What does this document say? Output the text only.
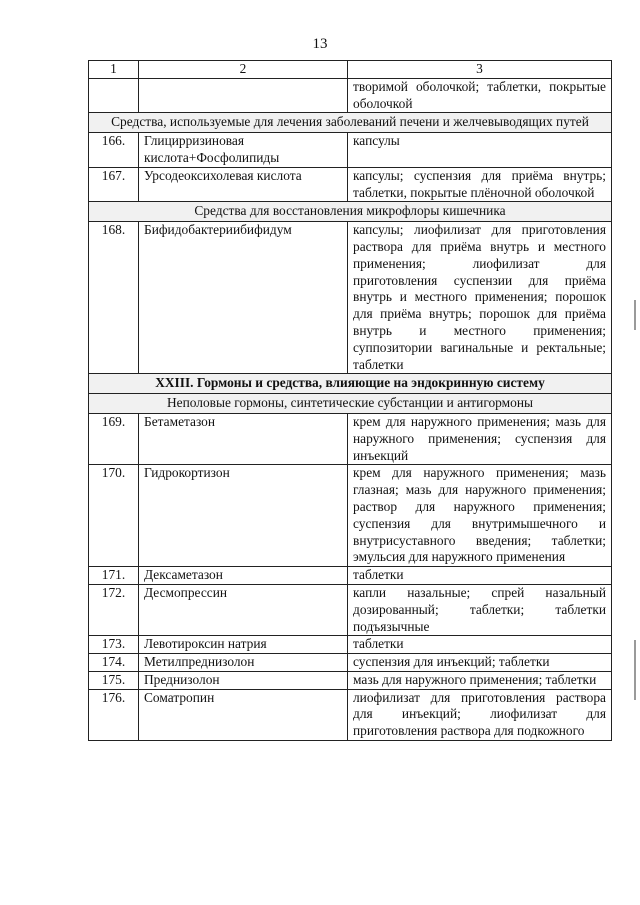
13
1	2	3
		творимой оболочкой; таблетки, покрытые оболочкой
Средства, используемые для лечения заболеваний печени и желчевыводящих путей		
166.	Глицирризиновая кислота+Фосфолипиды	капсулы
167.	Урсодеоксихолевая кислота	капсулы; суспензия для приёма внутрь; таблетки, покрытые плёночной оболочкой
Средства для восстановления микрофлоры кишечника		
168.	Бифидобактериибифидум	капсулы; лиофилизат для приготовления раствора для приёма внутрь и местного применения; лиофилизат для приготовления суспензии для приёма внутрь и местного применения; порошок для приёма внутрь; порошок для приёма внутрь и местного применения; суппозитории вагинальные и ректальные; таблетки
XXIII. Гормоны и средства, влияющие на эндокринную систему		
Неполовые гормоны, синтетические субстанции и антигормоны		
169.	Бетаметазон	крем для наружного применения; мазь для наружного применения; суспензия для инъекций
170.	Гидрокортизон	крем для наружного применения; мазь глазная; мазь для наружного применения; раствор для наружного применения; суспензия для внутримышечного и внутрисуставного введения; таблетки; эмульсия для наружного применения
171.	Дексаметазон	таблетки
172.	Десмопрессин	капли назальные; спрей назальный дозированный; таблетки; таблетки подъязычные
173.	Левотироксин натрия	таблетки
174.	Метилпреднизолон	суспензия для инъекций; таблетки
175.	Преднизолон	мазь для наружного применения; таблетки
176.	Соматропин	лиофилизат для приготовления раствора для инъекций; лиофилизат для приготовления раствора для подкожного
